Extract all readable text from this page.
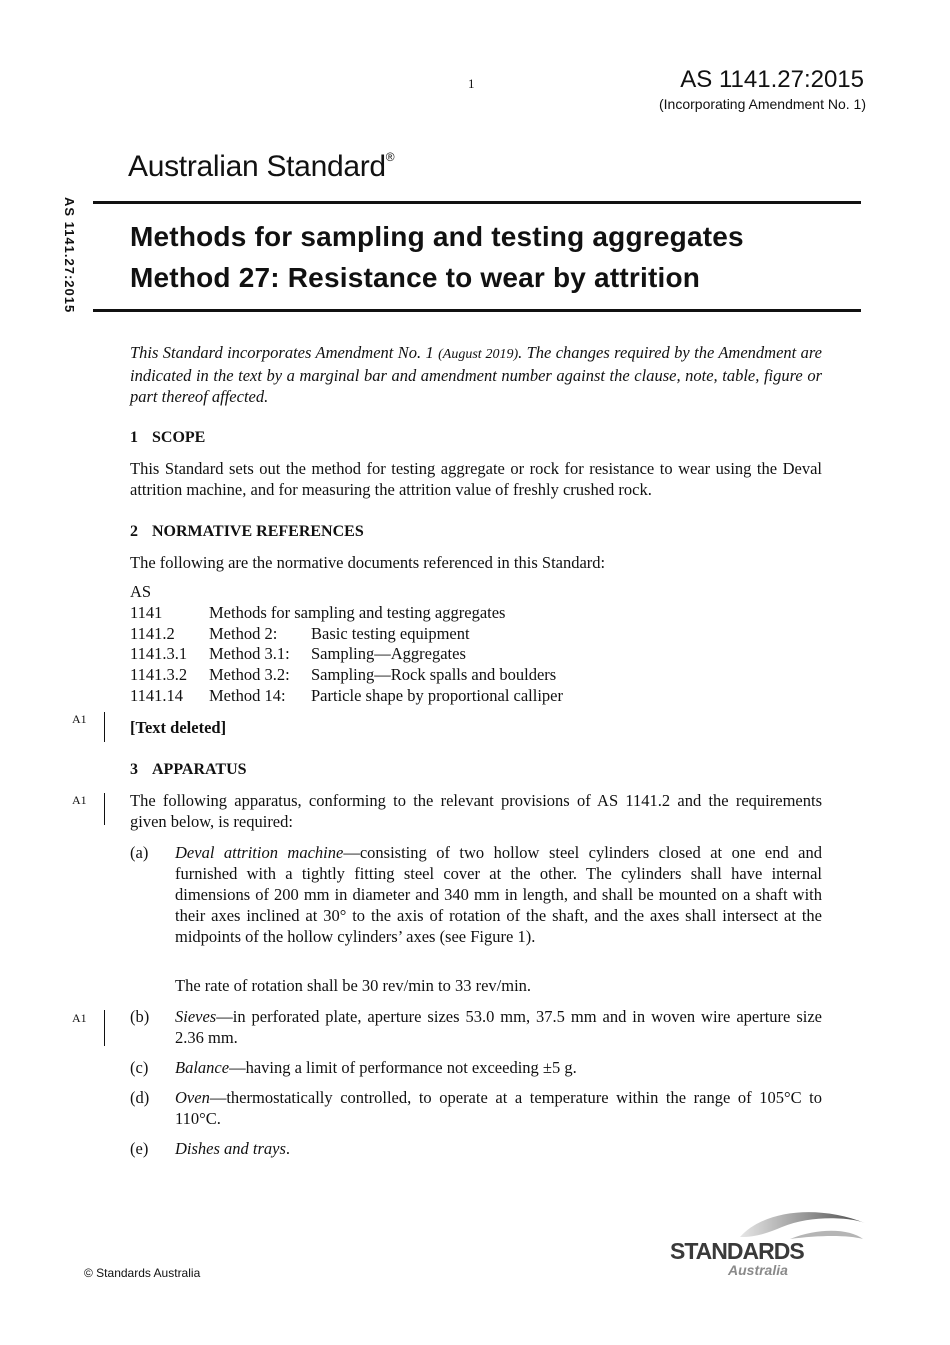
1	AS 1141.27:2015
(Incorporating Amendment No. 1)
Australian Standard®
AS 1141.27:2015 Methods for sampling and testing aggregates
Method 27: Resistance to wear by attrition
This Standard incorporates Amendment No. 1 (August 2019). The changes required by the Amendment are indicated in the text by a marginal bar and amendment number against the clause, note, table, figure or part thereof affected.
1 SCOPE
This Standard sets out the method for testing aggregate or rock for resistance to wear using the Deval attrition machine, and for measuring the attrition value of freshly crushed rock.
2 NORMATIVE REFERENCES
The following are the normative documents referenced in this Standard:
AS
1141	Methods for sampling and testing aggregates
1141.2	Method 2:	Basic testing equipment
1141.3.1	Method 3.1:	Sampling—Aggregates
1141.3.2	Method 3.2:	Sampling—Rock spalls and boulders
1141.14	Method 14:	Particle shape by proportional calliper
A1	[Text deleted]
3 APPARATUS
A1	The following apparatus, conforming to the relevant provisions of AS 1141.2 and the requirements given below, is required:
(a)	Deval attrition machine—consisting of two hollow steel cylinders closed at one end and furnished with a tightly fitting steel cover at the other. The cylinders shall have internal dimensions of 200 mm in diameter and 340 mm in length, and shall be mounted on a shaft with their axes inclined at 30° to the axis of rotation of the shaft, and the axes shall intersect at the midpoints of the hollow cylinders’ axes (see Figure 1).
The rate of rotation shall be 30 rev/min to 33 rev/min.
A1	(b)	Sieves—in perforated plate, aperture sizes 53.0 mm, 37.5 mm and in woven wire aperture size 2.36 mm.
(c)	Balance—having a limit of performance not exceeding ±5 g.
(d)	Oven—thermostatically controlled, to operate at a temperature within the range of 105°C to 110°C.
(e)	Dishes and trays.
© Standards Australia
STANDARDS
Australia
